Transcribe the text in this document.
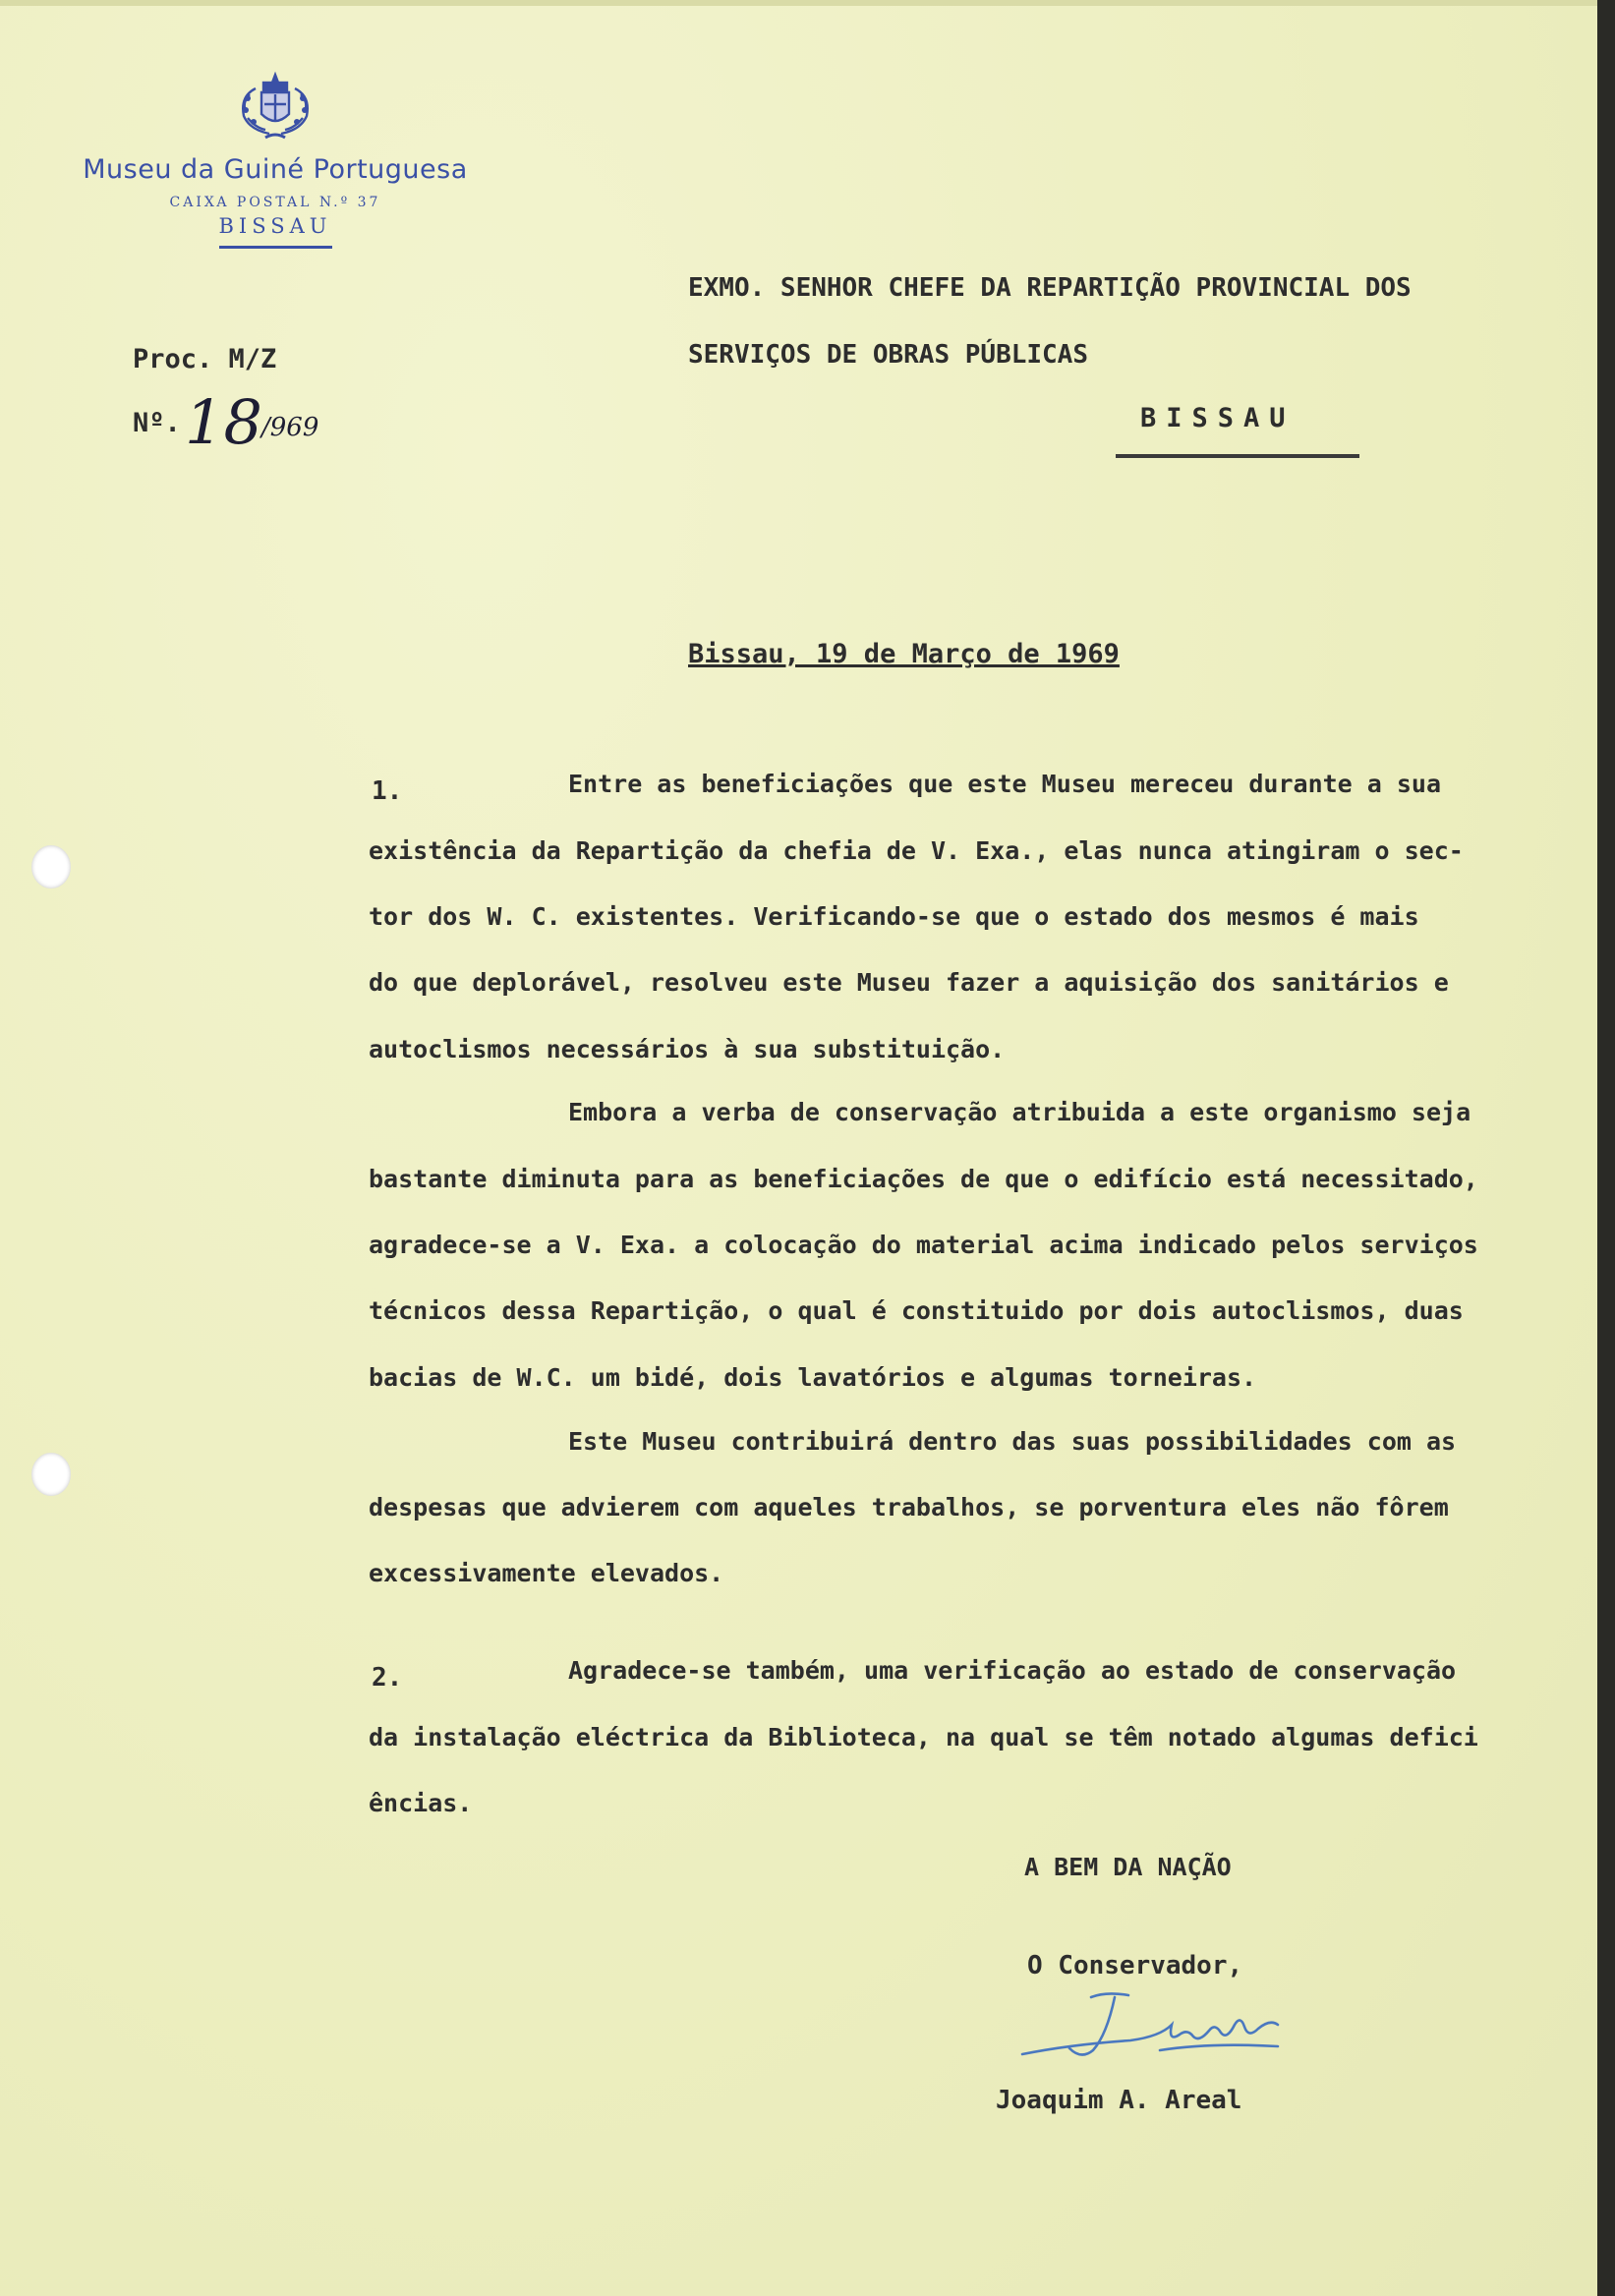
Museu da Guiné Portuguesa
CAIXA POSTAL N.º 37
BISSAU
Proc. M/Z
Nº. 18 /969
EXMO. SENHOR CHEFE DA REPARTIÇÃO PROVINCIAL DOS
SERVIÇOS DE OBRAS PÚBLICAS
BISSAU
Bissau, 19 de Março de 1969
1.	Entre as beneficiações que este Museu mereceu durante a sua
existência da Repartição da chefia de V. Exa., elas nunca atingiram o sec-
tor dos W. C. existentes. Verificando-se que o estado dos mesmos é mais
do que deplorável, resolveu este Museu fazer a aquisição dos sanitários e
autoclismos necessários à sua substituição.
Embora a verba de conservação atribuida a este organismo seja
bastante diminuta para as beneficiações de que o edifício está necessitado,
agradece-se a V. Exa. a colocação do material acima indicado pelos serviços
técnicos dessa Repartição, o qual é constituido por dois autoclismos, duas
bacias de W.C. um bidé, dois lavatórios e algumas torneiras.
Este Museu contribuirá dentro das suas possibilidades com as
despesas que advierem com aqueles trabalhos, se porventura eles não fôrem
excessivamente elevados.
2.	Agradece-se também, uma verificação ao estado de conservação
da instalação eléctrica da Biblioteca, na qual se têm notado algumas defici
ências.
A BEM DA NAÇÃO
O Conservador,
Joaquim A. Areal
